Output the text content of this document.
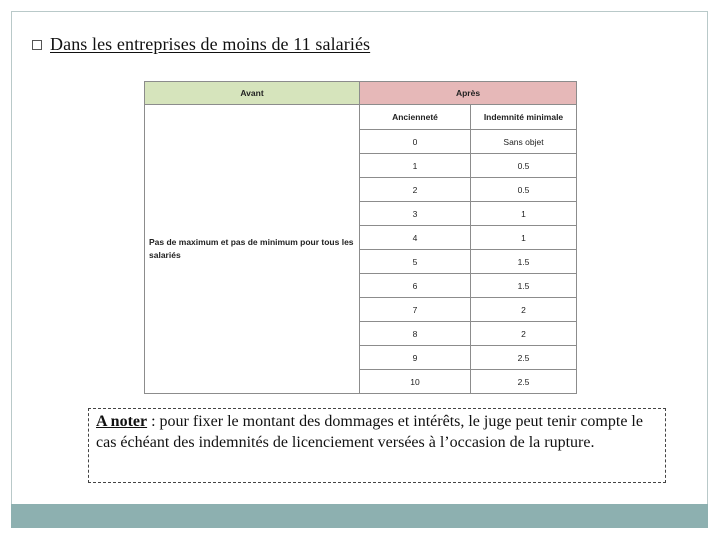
Dans les entreprises de moins de 11 salariés
Avant	Après	
Pas de maximum et pas de minimum pour tous les salariés	Ancienneté	Indemnité minimale
	0	Sans objet
	1	0.5
	2	0.5
	3	1
	4	1
	5	1.5
	6	1.5
	7	2
	8	2
	9	2.5
	10	2.5
A noter : pour fixer le montant des dommages et intérêts, le juge peut tenir compte le cas échéant des indemnités de licenciement versées à l’occasion de la rupture.
